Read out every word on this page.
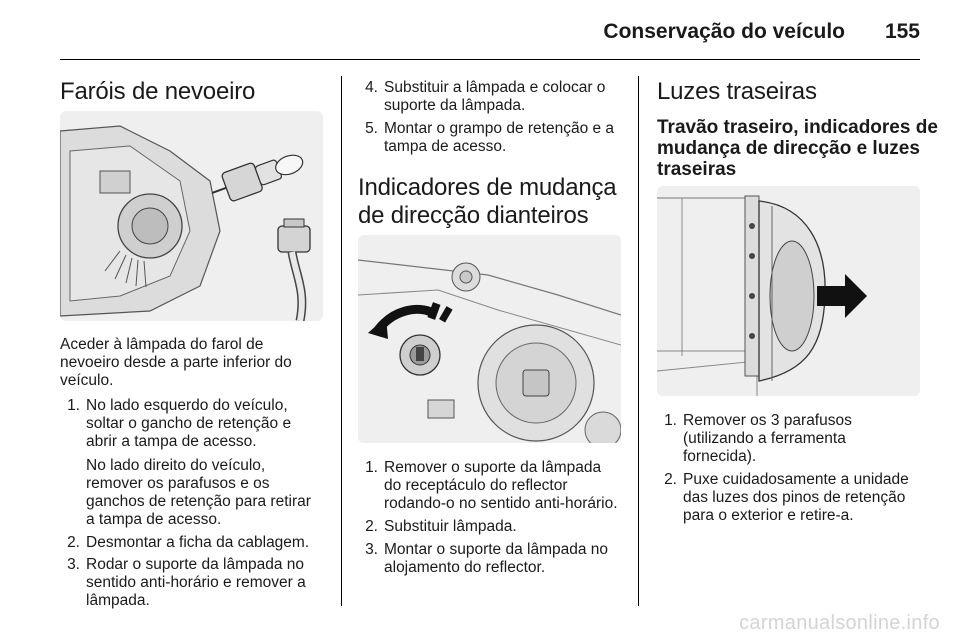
Conservação do veículo	155
Faróis de nevoeiro
Aceder à lâmpada do farol de
nevoeiro desde a parte inferior do
veículo.
1. No lado esquerdo do veículo,
soltar o gancho de retenção e
abrir a tampa de acesso.
No lado direito do veículo,
remover os parafusos e os
ganchos de retenção para retirar
a tampa de acesso.
2. Desmontar a ficha da cablagem.
3. Rodar o suporte da lâmpada no
sentido anti-horário e remover a
lâmpada.
4. Substituir a lâmpada e colocar o
suporte da lâmpada.
5. Montar o grampo de retenção e a
tampa de acesso.
Indicadores de mudança
de direcção dianteiros
1. Remover o suporte da lâmpada
do receptáculo do reflector
rodando-o no sentido anti-horário.
2. Substituir lâmpada.
3. Montar o suporte da lâmpada no
alojamento do reflector.
Luzes traseiras
Travão traseiro, indicadores de
mudança de direcção e luzes
traseiras
1. Remover os 3 parafusos
(utilizando a ferramenta
fornecida).
2. Puxe cuidadosamente a unidade
das luzes dos pinos de retenção
para o exterior e retire-a.
carmanualsonline.info
